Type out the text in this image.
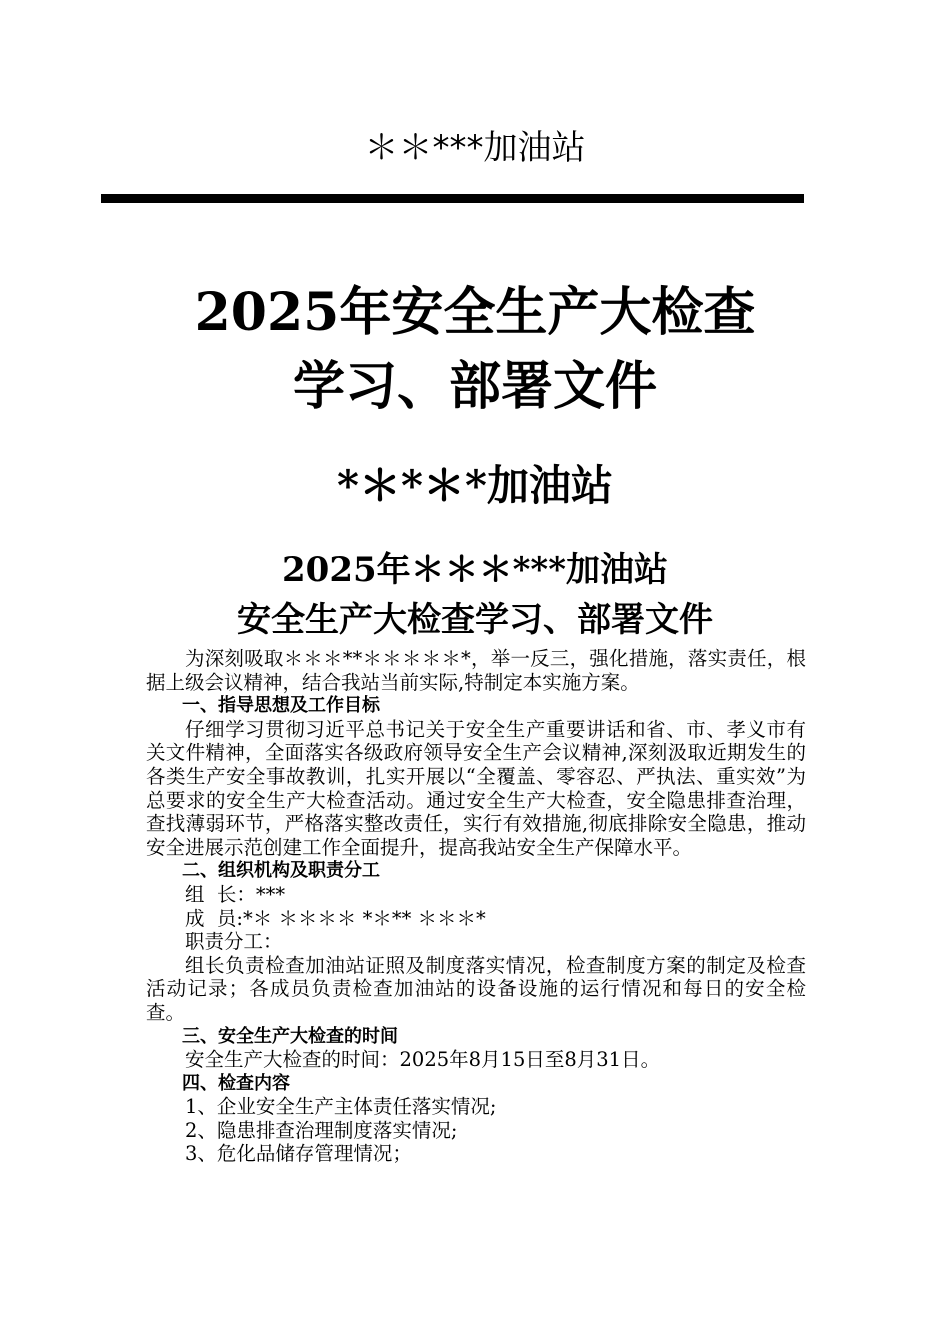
＊＊***加油站
2025年安全生产大检查
学习、部署文件
*＊*＊*加油站
2025年＊＊＊***加油站
安全生产大检查学习、部署文件

为深刻吸取＊＊＊**＊＊＊＊＊*，举一反三，强化措施，落实责任，根据上级会议精神，结合我站当前实际,特制定本实施方案。

一、指导思想及工作目标

仔细学习贯彻习近平总书记关于安全生产重要讲话和省、市、孝义市有关文件精神，全面落实各级政府领导安全生产会议精神,深刻汲取近期发生的各类生产安全事故教训，扎实开展以“全覆盖、零容忍、严执法、重实效”为总要求的安全生产大检查活动。通过安全生产大检查，安全隐患排查治理，查找薄弱环节，严格落实整改责任，实行有效措施,彻底排除安全隐患，推动安全进展示范创建工作全面提升，提高我站安全生产保障水平。

二、组织机构及职责分工

组  长：***

成  员:*＊ ＊＊＊＊ *＊** ＊＊＊*

职责分工：

组长负责检查加油站证照及制度落实情况，检查制度方案的制定及检查活动记录；各成员负责检查加油站的设备设施的运行情况和每日的安全检查。

三、安全生产大检查的时间

安全生产大检查的时间：2025年8月15日至8月31日。

四、检查内容

1、企业安全生产主体责任落实情况;

2、隐患排查治理制度落实情况;

3、危化品储存管理情况；
